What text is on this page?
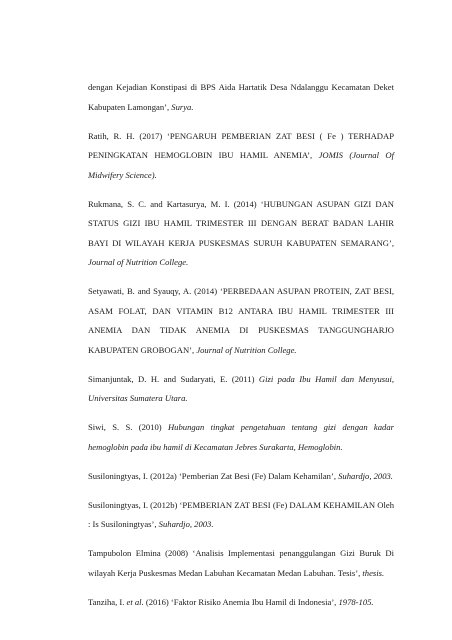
dengan Kejadian Konstipasi di BPS Aida Hartatik Desa Ndalanggu Kecamatan Deket Kabupaten Lamongan’, Surya.

Ratih, R. H. (2017) ‘PENGARUH PEMBERIAN ZAT BESI ( Fe ) TERHADAP PENINGKATAN HEMOGLOBIN IBU HAMIL ANEMIA’, JOMIS (Journal Of Midwifery Science).

Rukmana, S. C. and Kartasurya, M. I. (2014) ‘HUBUNGAN ASUPAN GIZI DAN STATUS GIZI IBU HAMIL TRIMESTER III DENGAN BERAT BADAN LAHIR BAYI DI WILAYAH KERJA PUSKESMAS SURUH KABUPATEN SEMARANG’, Journal of Nutrition College.

Setyawati, B. and Syauqy, A. (2014) ‘PERBEDAAN ASUPAN PROTEIN, ZAT BESI, ASAM FOLAT, DAN VITAMIN B12 ANTARA IBU HAMIL TRIMESTER III ANEMIA DAN TIDAK ANEMIA DI PUSKESMAS TANGGUNGHARJO KABUPATEN GROBOGAN’, Journal of Nutrition College.

Simanjuntak, D. H. and Sudaryati, E. (2011) Gizi pada Ibu Hamil dan Menyusui, Universitas Sumatera Utara.

Siwi, S. S. (2010) Hubungan tingkat pengetahuan tentang gizi dengan kadar hemoglobin pada ibu hamil di Kecamatan Jebres Surakarta, Hemoglobin.

Susiloningtyas, I. (2012a) ‘Pemberian Zat Besi (Fe) Dalam Kehamilan’, Suhardjo, 2003.

Susiloningtyas, I. (2012b) ‘PEMBERIAN ZAT BESI (Fe) DALAM KEHAMILAN Oleh : Is Susiloningtyas’, Suhardjo, 2003.

Tampubolon Elmina (2008) ‘Analisis Implementasi penanggulangan Gizi Buruk Di wilayah Kerja Puskesmas Medan Labuhan Kecamatan Medan Labuhan. Tesis’, thesis.

Tanziha, I. et al. (2016) ‘Faktor Risiko Anemia Ibu Hamil di Indonesia’, 1978-105.
